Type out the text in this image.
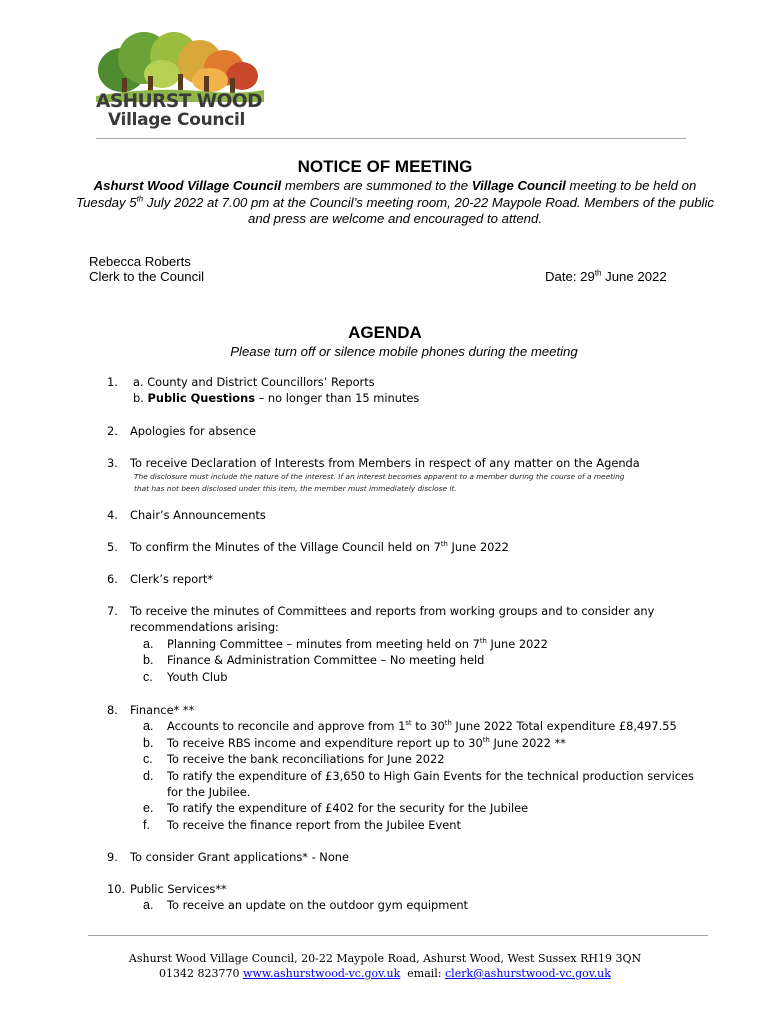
ASHURST WOOD
Village Council
NOTICE OF MEETING
Ashurst Wood Village Council members are summoned to the Village Council meeting to be held on Tuesday 5th July 2022 at 7.00 pm at the Council’s meeting room, 20-22 Maypole Road. Members of the public and press are welcome and encouraged to attend.
Rebecca Roberts
Clerk to the Council	Date: 29th June 2022
AGENDA
Please turn off or silence mobile phones during the meeting
1. a. County and District Councillors’ Reports
b. Public Questions – no longer than 15 minutes
2. Apologies for absence
3. To receive Declaration of Interests from Members in respect of any matter on the Agenda
The disclosure must include the nature of the interest. If an interest becomes apparent to a member during the course of a meeting
that has not been disclosed under this item, the member must immediately disclose it.
4. Chair’s Announcements
5. To confirm the Minutes of the Village Council held on 7th June 2022
6. Clerk’s report*
7. To receive the minutes of Committees and reports from working groups and to consider any
recommendations arising:
a. Planning Committee – minutes from meeting held on 7th June 2022
b. Finance & Administration Committee – No meeting held
c. Youth Club
8. Finance* **
a. Accounts to reconcile and approve from 1st to 30th June 2022 Total expenditure £8,497.55
b. To receive RBS income and expenditure report up to 30th June 2022 **
c. To receive the bank reconciliations for June 2022
d. To ratify the expenditure of £3,650 to High Gain Events for the technical production services
for the Jubilee.
e. To ratify the expenditure of £402 for the security for the Jubilee
f. To receive the finance report from the Jubilee Event
9. To consider Grant applications* - None
10. Public Services**
a. To receive an update on the outdoor gym equipment
Ashurst Wood Village Council, 20-22 Maypole Road, Ashurst Wood, West Sussex RH19 3QN
01342 823770 www.ashurstwood-vc.gov.uk  email: clerk@ashurstwood-vc.gov.uk
